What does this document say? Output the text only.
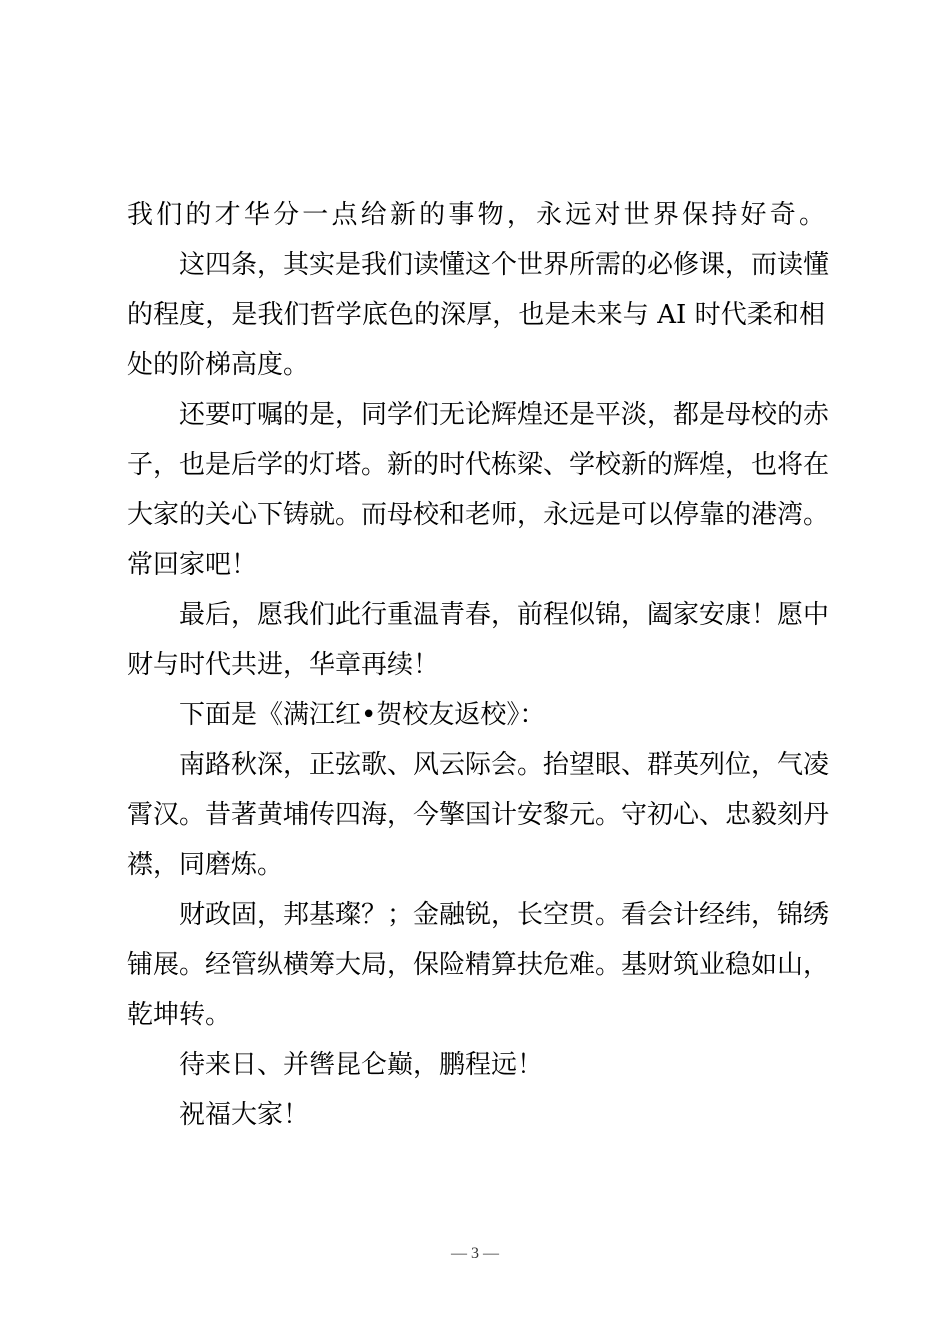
我们的才华分一点给新的事物，永远对世界保持好奇。
这四条，其实是我们读懂这个世界所需的必修课，而读懂
的程度，是我们哲学底色的深厚，也是未来与 AI 时代柔和相
处的阶梯高度。
还要叮嘱的是，同学们无论辉煌还是平淡，都是母校的赤
子，也是后学的灯塔。新的时代栋梁、学校新的辉煌，也将在
大家的关心下铸就。而母校和老师，永远是可以停靠的港湾。
常回家吧！
最后，愿我们此行重温青春，前程似锦，阖家安康！愿中
财与时代共进，华章再续！
下面是《满江红•贺校友返校》：
南路秋深，正弦歌、风云际会。抬望眼、群英列位，气凌
霄汉。昔著黄埔传四海，今擎国计安黎元。守初心、忠毅刻丹
襟，同磨炼。
财政固，邦基璨？；金融锐，长空贯。看会计经纬，锦绣
铺展。经管纵横筹大局，保险精算扶危难。基财筑业稳如山，
乾坤转。
待来日、并辔昆仑巅，鹏程远！
祝福大家！
— 3 —
